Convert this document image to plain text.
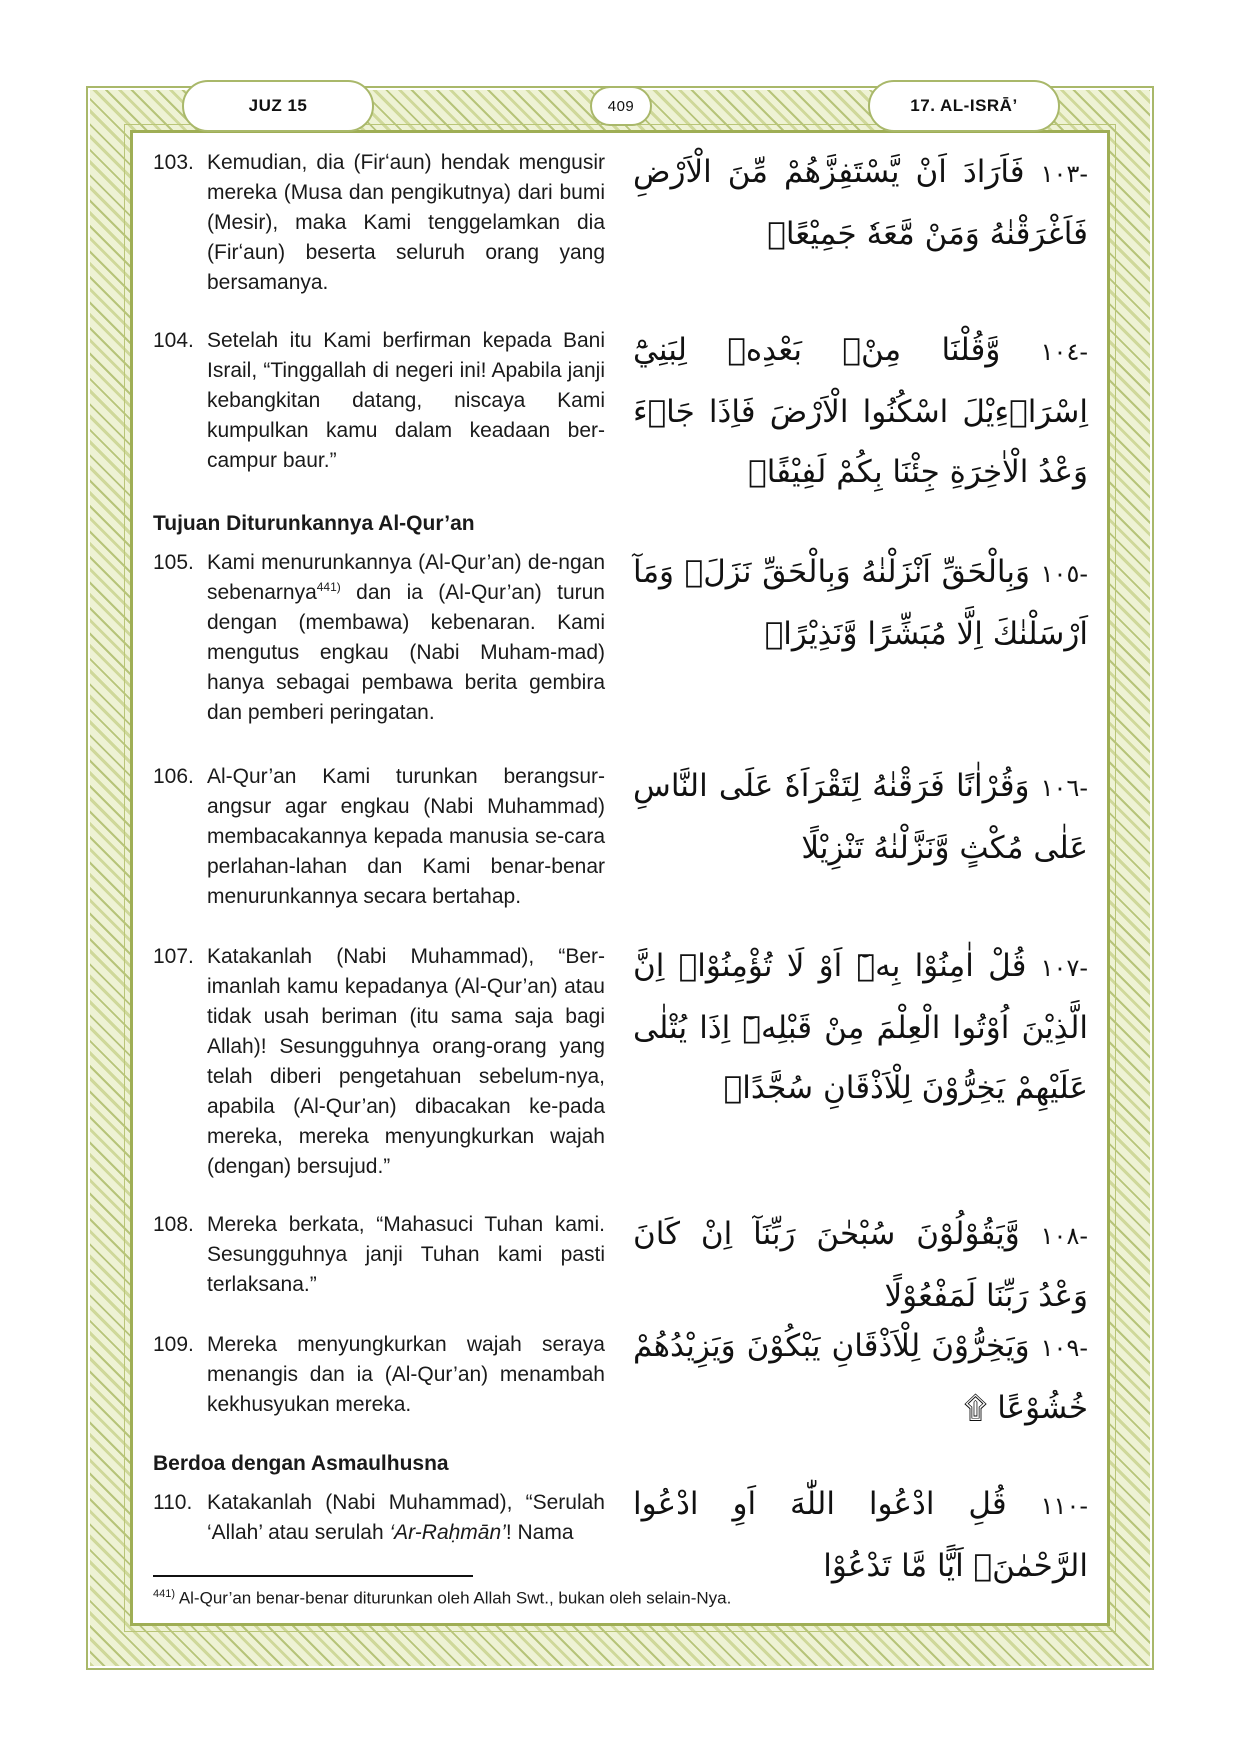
JUZ 15	409	17. AL-ISRĀʼ
103. Kemudian, dia (Firʻaun) hendak mengusir mereka (Musa dan pengikutnya) dari bumi (Mesir), maka Kami tenggelamkan dia (Firʻaun) beserta seluruh orang yang bersamanya.
-١٠٣ فَاَرَادَ اَنْ يَّسْتَفِزَّهُمْ مِّنَ الْاَرْضِ فَاَغْرَقْنٰهُ وَمَنْ مَّعَهٗ جَمِيْعًاۙ
104. Setelah itu Kami berfirman kepada Bani Israil, “Tinggallah di negeri ini! Apabila janji kebangkitan datang, niscaya Kami kumpulkan kamu dalam keadaan ber-campur baur.”
-١٠٤ وَّقُلْنَا مِنْۢ بَعْدِهٖ لِبَنِيْٓ اِسْرَاۤءِيْلَ اسْكُنُوا الْاَرْضَ فَاِذَا جَاۤءَ وَعْدُ الْاٰخِرَةِ جِئْنَا بِكُمْ لَفِيْفًاۗ
Tujuan Diturunkannya Al-Qur’an
105. Kami menurunkannya (Al-Qur’an) de-ngan sebenarnya$^{441)}$ dan ia (Al-Qur’an) turun dengan (membawa) kebenaran. Kami mengutus engkau (Nabi Muham-mad) hanya sebagai pembawa berita gembira dan pemberi peringatan.
-١٠٥ وَبِالْحَقِّ اَنْزَلْنٰهُ وَبِالْحَقِّ نَزَلَۗ وَمَآ اَرْسَلْنٰكَ اِلَّا مُبَشِّرًا وَّنَذِيْرًاۘ
106. Al-Qur’an Kami turunkan berangsur-angsur agar engkau (Nabi Muhammad) membacakannya kepada manusia se-cara perlahan-lahan dan Kami benar-benar menurunkannya secara bertahap.
-١٠٦ وَقُرْاٰنًا فَرَقْنٰهُ لِتَقْرَاَهٗ عَلَى النَّاسِ عَلٰى مُكْثٍ وَّنَزَّلْنٰهُ تَنْزِيْلًا
107. Katakanlah (Nabi Muhammad), “Ber-imanlah kamu kepadanya (Al-Qur’an) atau tidak usah beriman (itu sama saja bagi Allah)! Sesungguhnya orang-orang yang telah diberi pengetahuan sebelum-nya, apabila (Al-Qur’an) dibacakan ke-pada mereka, mereka menyungkurkan wajah (dengan) bersujud.”
-١٠٧ قُلْ اٰمِنُوْا بِهٖٓ اَوْ لَا تُؤْمِنُوْاۗ اِنَّ الَّذِيْنَ اُوْتُوا الْعِلْمَ مِنْ قَبْلِهٖٓ اِذَا يُتْلٰى عَلَيْهِمْ يَخِرُّوْنَ لِلْاَذْقَانِ سُجَّدًاۙ
108. Mereka berkata, “Mahasuci Tuhan kami. Sesungguhnya janji Tuhan kami pasti terlaksana.”
-١٠٨ وَّيَقُوْلُوْنَ سُبْحٰنَ رَبِّنَآ اِنْ كَانَ وَعْدُ رَبِّنَا لَمَفْعُوْلًا
109. Mereka menyungkurkan wajah seraya menangis dan ia (Al-Qur’an) menambah kekhusyukan mereka.
-١٠٩ وَيَخِرُّوْنَ لِلْاَذْقَانِ يَبْكُوْنَ وَيَزِيْدُهُمْ خُشُوْعًا ۩
Berdoa dengan Asmaulhusna
110. Katakanlah (Nabi Muhammad), “Serulah ‘Allah’ atau serulah ‘Ar-Raḥmān’! Nama
-١١٠ قُلِ ادْعُوا اللّٰهَ اَوِ ادْعُوا الرَّحْمٰنَۗ اَيًّا مَّا تَدْعُوْا
$^{441)}$ Al-Qur’an benar-benar diturunkan oleh Allah Swt., bukan oleh selain-Nya.
